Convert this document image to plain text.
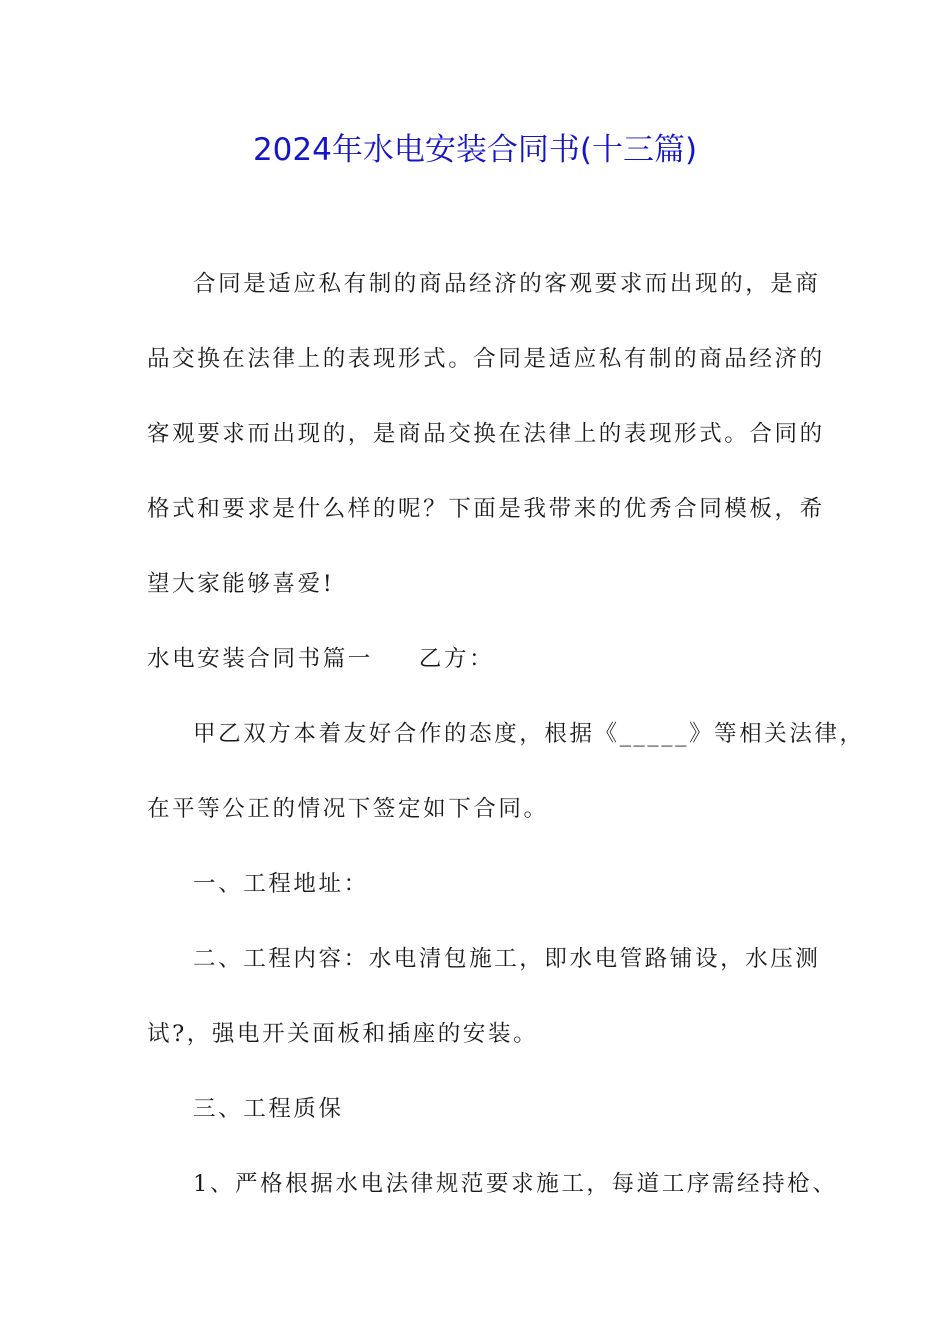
2024年水电安装合同书(十三篇)
合同是适应私有制的商品经济的客观要求而出现的，是商
品交换在法律上的表现形式。合同是适应私有制的商品经济的
客观要求而出现的，是商品交换在法律上的表现形式。合同的
格式和要求是什么样的呢？下面是我带来的优秀合同模板，希
望大家能够喜爱!
水电安装合同书篇一 乙方：
甲乙双方本着友好合作的态度，根据《_____》等相关法律，
在平等公正的情况下签定如下合同。
一、工程地址：
二、工程内容：水电清包施工，即水电管路铺设，水压测
试?，强电开关面板和插座的安装。
三、工程质保
1、严格根据水电法律规范要求施工，每道工序需经持枪、
